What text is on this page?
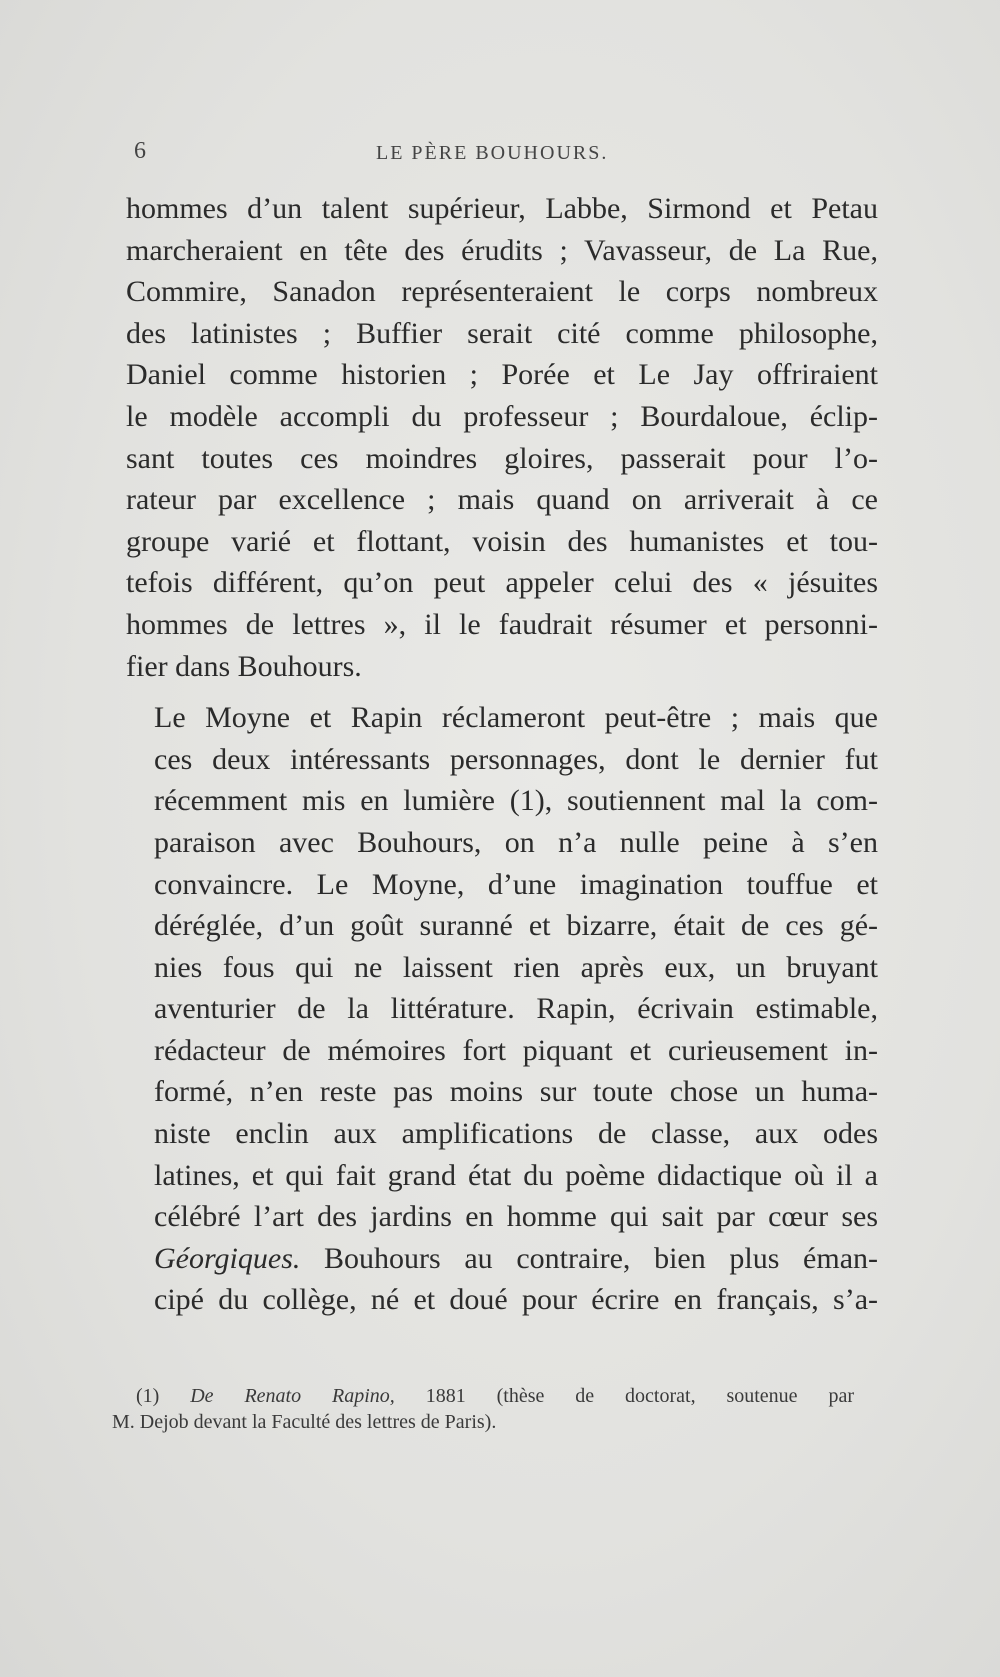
6	LE PÈRE BOUHOURS.

hommes d’un talent supérieur, Labbe, Sirmond et Petau
marcheraient en tête des érudits ; Vavasseur, de La Rue,
Commire, Sanadon représenteraient le corps nombreux
des latinistes ; Buffier serait cité comme philosophe,
Daniel comme historien ; Porée et Le Jay offriraient
le modèle accompli du professeur ; Bourdaloue, éclip-
sant toutes ces moindres gloires, passerait pour l’o-
rateur par excellence ; mais quand on arriverait à ce
groupe varié et flottant, voisin des humanistes et tou-
tefois différent, qu’on peut appeler celui des « jésuites
hommes de lettres », il le faudrait résumer et personni-
fier dans Bouhours.

Le Moyne et Rapin réclameront peut-être ; mais que
ces deux intéressants personnages, dont le dernier fut
récemment mis en lumière (1), soutiennent mal la com-
paraison avec Bouhours, on n’a nulle peine à s’en
convaincre. Le Moyne, d’une imagination touffue et
déréglée, d’un goût suranné et bizarre, était de ces gé-
nies fous qui ne laissent rien après eux, un bruyant
aventurier de la littérature. Rapin, écrivain estimable,
rédacteur de mémoires fort piquant et curieusement in-
formé, n’en reste pas moins sur toute chose un huma-
niste enclin aux amplifications de classe, aux odes
latines, et qui fait grand état du poème didactique où il a
célébré l’art des jardins en homme qui sait par cœur ses
Géorgiques. Bouhours au contraire, bien plus éman-
cipé du collège, né et doué pour écrire en français, s’a-

(1) De Renato Rapino, 1881 (thèse de doctorat, soutenue par
M. Dejob devant la Faculté des lettres de Paris).
